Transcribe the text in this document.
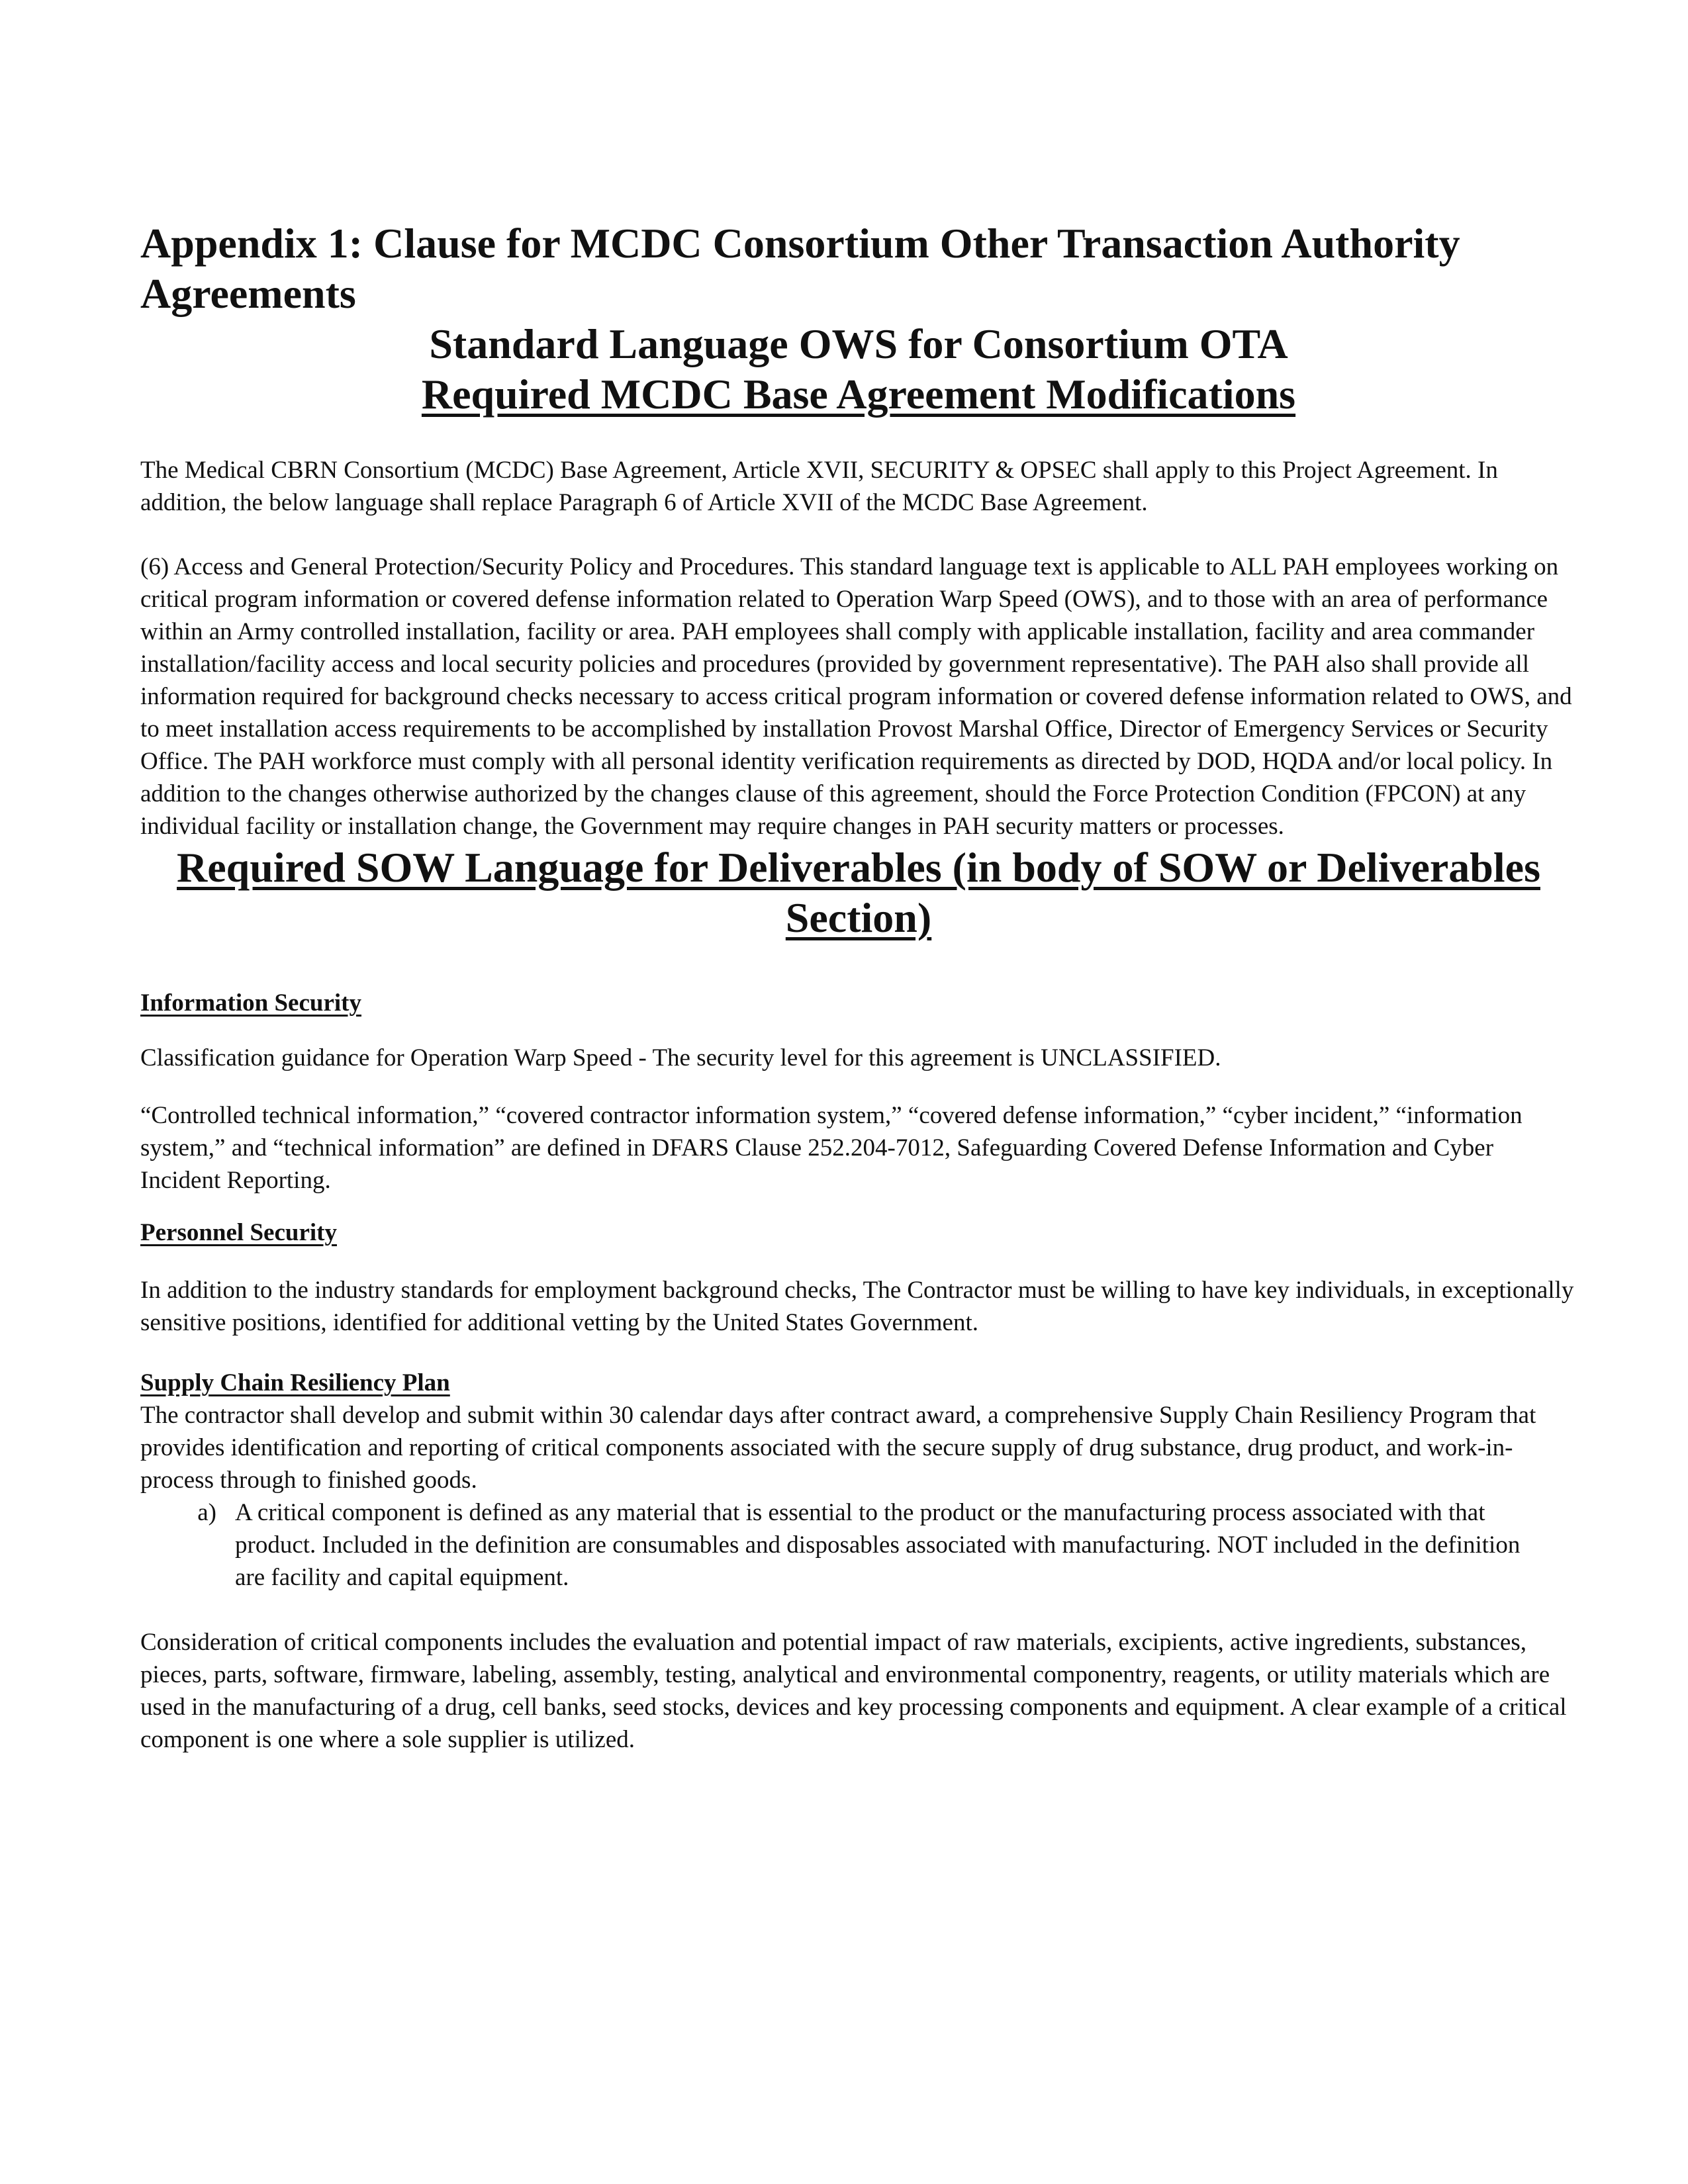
Appendix 1: Clause for MCDC Consortium Other Transaction Authority Agreements
Standard Language OWS for Consortium OTA
Required MCDC Base Agreement Modifications

The Medical CBRN Consortium (MCDC) Base Agreement, Article XVII, SECURITY & OPSEC shall apply to this Project Agreement. In addition, the below language shall replace Paragraph 6 of Article XVII of the MCDC Base Agreement.

(6) Access and General Protection/Security Policy and Procedures. This standard language text is applicable to ALL PAH employees working on critical program information or covered defense information related to Operation Warp Speed (OWS), and to those with an area of performance within an Army controlled installation, facility or area. PAH employees shall comply with applicable installation, facility and area commander installation/facility access and local security policies and procedures (provided by government representative). The PAH also shall provide all information required for background checks necessary to access critical program information or covered defense information related to OWS, and to meet installation access requirements to be accomplished by installation Provost Marshal Office, Director of Emergency Services or Security Office. The PAH workforce must comply with all personal identity verification requirements as directed by DOD, HQDA and/or local policy. In addition to the changes otherwise authorized by the changes clause of this agreement, should the Force Protection Condition (FPCON) at any individual facility or installation change, the Government may require changes in PAH security matters or processes.

Required SOW Language for Deliverables (in body of SOW or Deliverables Section)
Information Security

Classification guidance for Operation Warp Speed - The security level for this agreement is UNCLASSIFIED.

“Controlled technical information,” “covered contractor information system,” “covered defense information,” “cyber incident,” “information system,” and “technical information” are defined in DFARS Clause 252.204-7012, Safeguarding Covered Defense Information and Cyber Incident Reporting.

Personnel Security

In addition to the industry standards for employment background checks, The Contractor must be willing to have key individuals, in exceptionally sensitive positions, identified for additional vetting by the United States Government.

Supply Chain Resiliency Plan

The contractor shall develop and submit within 30 calendar days after contract award, a comprehensive Supply Chain Resiliency Program that provides identification and reporting of critical components associated with the secure supply of drug substance, drug product, and work-in-process through to finished goods.

a) A critical component is defined as any material that is essential to the product or the manufacturing process associated with that product. Included in the definition are consumables and disposables associated with manufacturing. NOT included in the definition are facility and capital equipment.

Consideration of critical components includes the evaluation and potential impact of raw materials, excipients, active ingredients, substances, pieces, parts, software, firmware, labeling, assembly, testing, analytical and environmental componentry, reagents, or utility materials which are used in the manufacturing of a drug, cell banks, seed stocks, devices and key processing components and equipment. A clear example of a critical component is one where a sole supplier is utilized.
